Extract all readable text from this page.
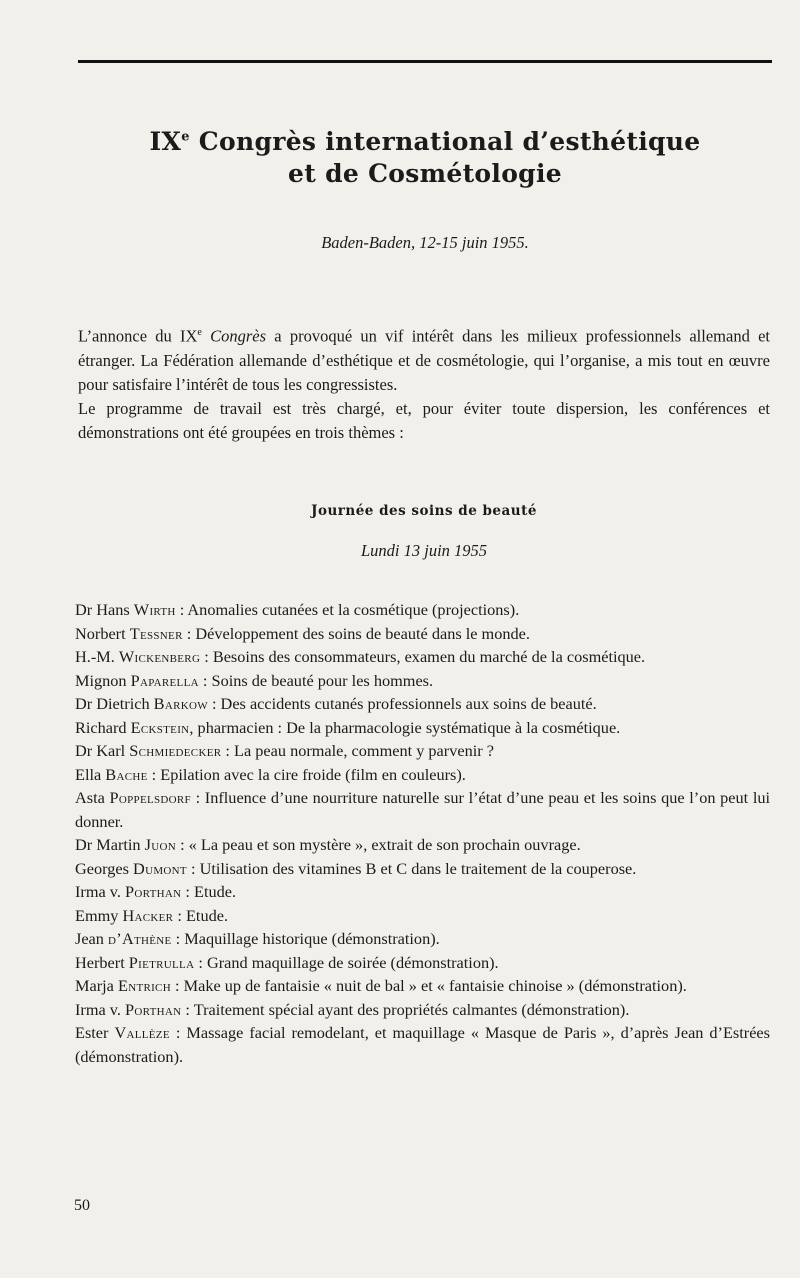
IXe Congrès international d’esthétique
et de Cosmétologie
Baden-Baden, 12-15 juin 1955.

L’annonce du IXe Congrès a provoqué un vif intérêt dans les milieux professionnels allemand et étranger. La Fédération allemande d’esthétique et de cosmétologie, qui l’organise, a mis tout en œuvre pour satisfaire l’intérêt de tous les congressistes.

Le programme de travail est très chargé, et, pour éviter toute dispersion, les conférences et démonstrations ont été groupées en trois thèmes :

Journée des soins de beauté
Lundi 13 juin 1955
Dr Hans Wirth : Anomalies cutanées et la cosmétique (projections).
Norbert Tessner : Développement des soins de beauté dans le monde.
H.-M. Wickenberg : Besoins des consommateurs, examen du marché de la cosmétique.
Mignon Paparella : Soins de beauté pour les hommes.
Dr Dietrich Barkow : Des accidents cutanés professionnels aux soins de beauté.
Richard Eckstein, pharmacien : De la pharmacologie systématique à la cosmétique.
Dr Karl Schmiedecker : La peau normale, comment y parvenir ?
Ella Bache : Epilation avec la cire froide (film en couleurs).
Asta Poppelsdorf : Influence d’une nourriture naturelle sur l’état d’une peau et les soins que l’on peut lui donner.
Dr Martin Juon : « La peau et son mystère », extrait de son prochain ouvrage.
Georges Dumont : Utilisation des vitamines B et C dans le traitement de la couperose.
Irma v. Porthan : Etude.
Emmy Hacker : Etude.
Jean d’Athène : Maquillage historique (démonstration).
Herbert Pietrulla : Grand maquillage de soirée (démonstration).
Marja Entrich : Make up de fantaisie « nuit de bal » et « fantaisie chinoise » (démonstration).
Irma v. Porthan : Traitement spécial ayant des propriétés calmantes (démonstration).
Ester Vallèze : Massage facial remodelant, et maquillage « Masque de Paris », d’après Jean d’Estrées (démonstration).
50
